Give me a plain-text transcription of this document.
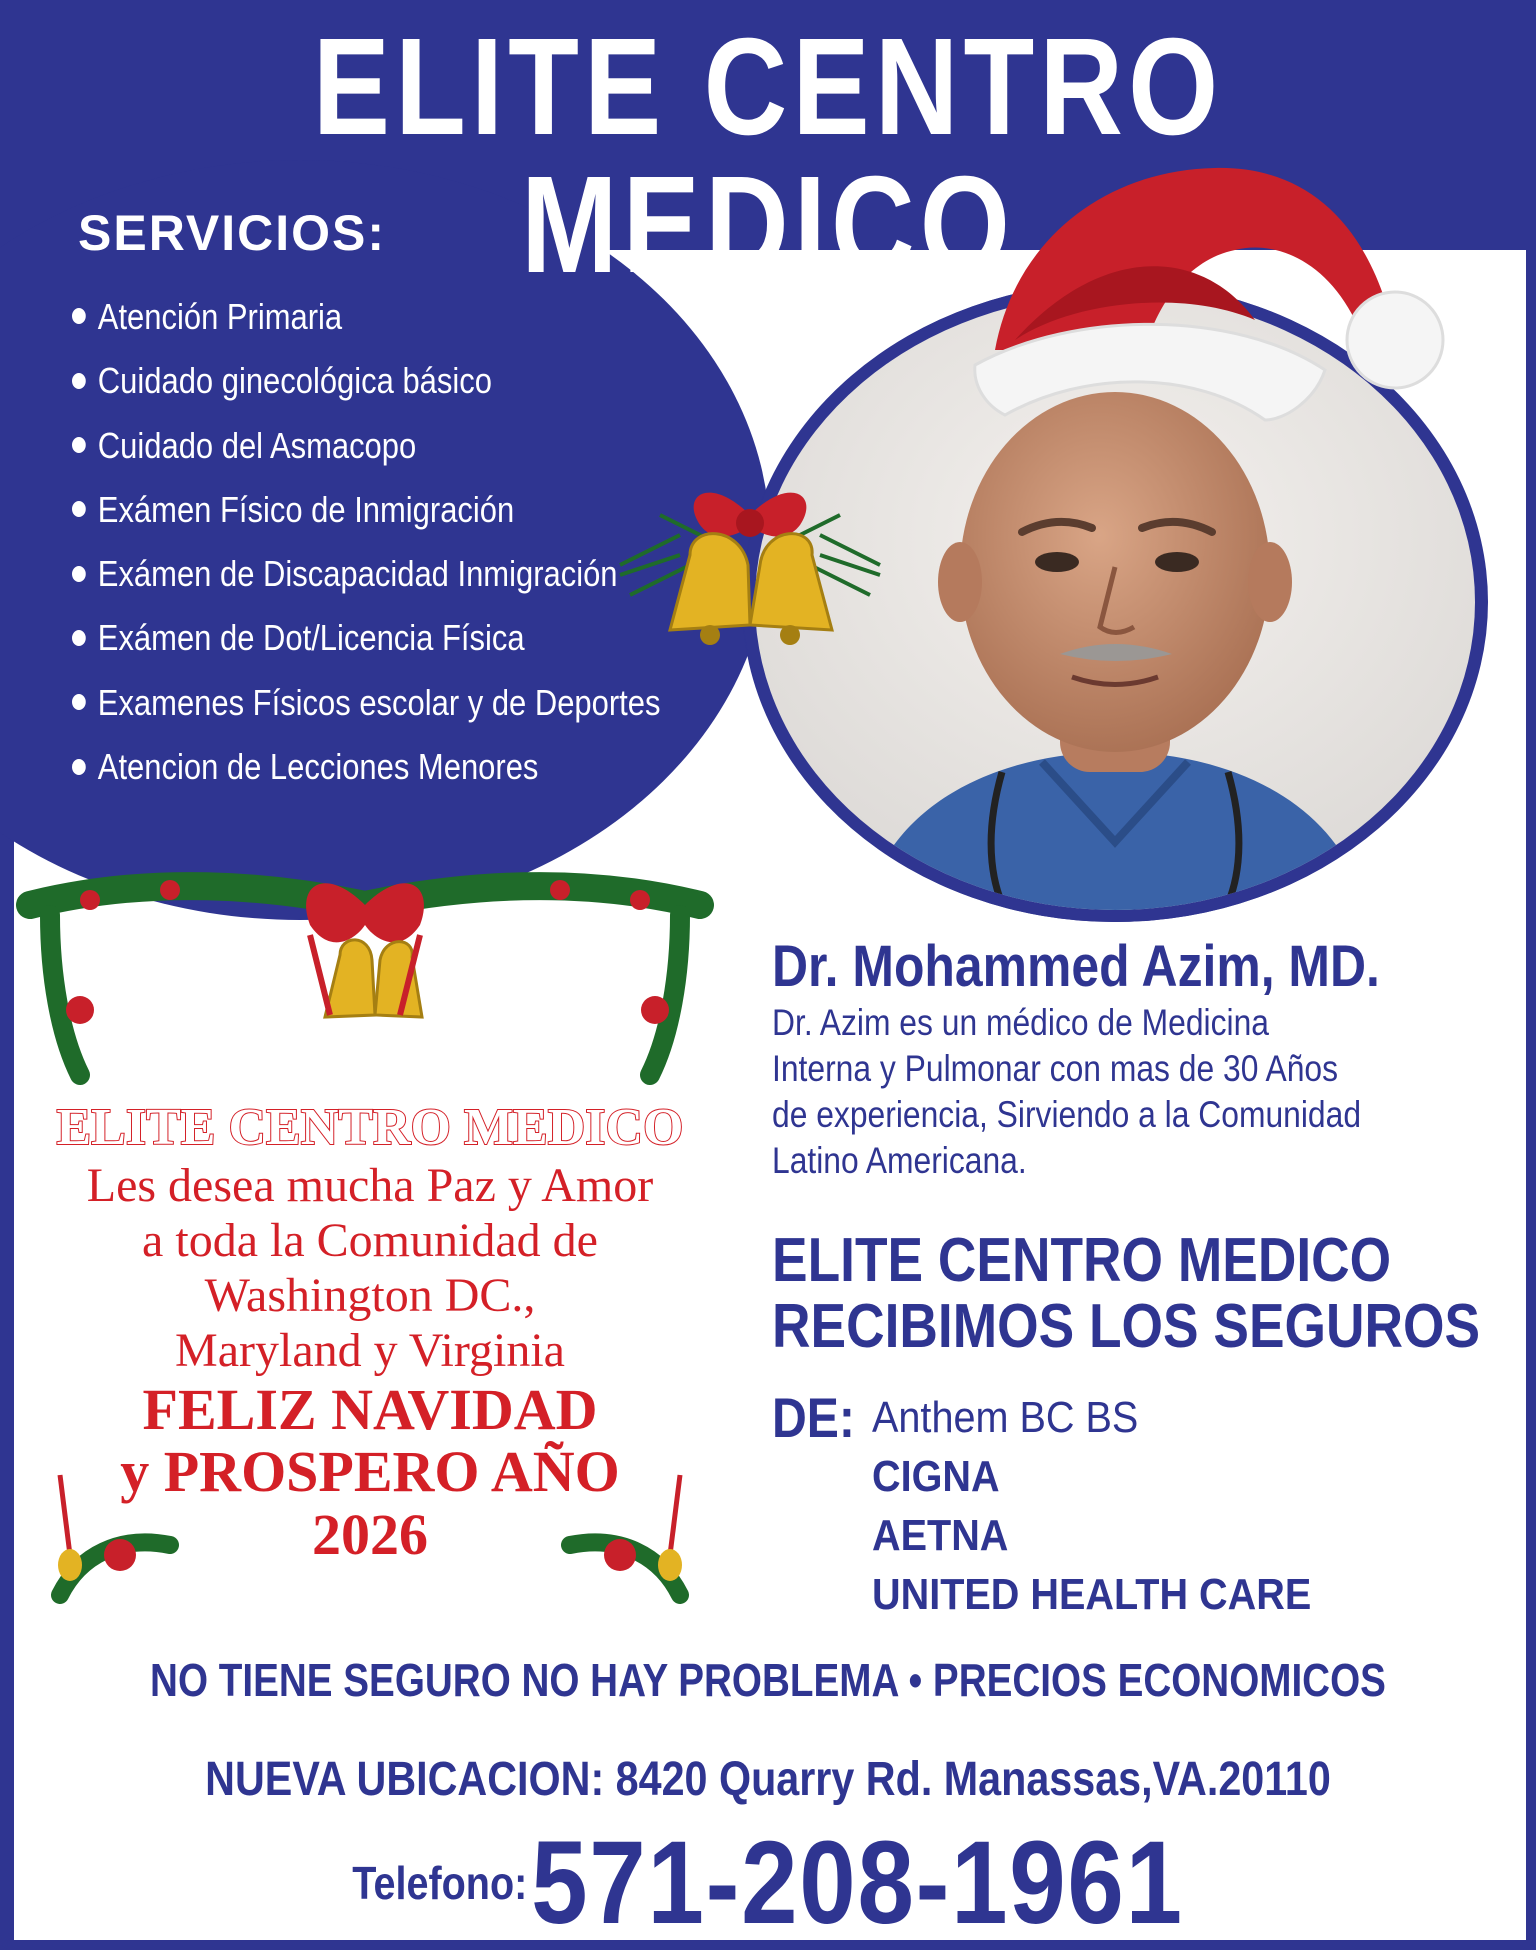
ELITE CENTRO MEDICO
SERVICIOS:
Atención Primaria
Cuidado ginecológica básico
Cuidado del Asmacopo
Exámen Físico de Inmigración
Exámen de Discapacidad Inmigración
Exámen de Dot/Licencia Física
Examenes Físicos escolar y de Deportes
Atencion de Lecciones Menores
ELITE CENTRO MEDICO
Les desea mucha Paz y Amor
a toda la Comunidad de
Washington DC.,
Maryland y Virginia
FELIZ NAVIDAD
y PROSPERO AÑO
2026
Dr. Mohammed Azim, MD.
Dr. Azim es un médico de Medicina
Interna y Pulmonar con mas de 30 Años
de experiencia, Sirviendo a la Comunidad
Latino Americana.
ELITE CENTRO MEDICO
RECIBIMOS LOS SEGUROS
DE: Anthem BC BS
CIGNA
AETNA
UNITED HEALTH CARE
NO TIENE SEGURO NO HAY PROBLEMA • PRECIOS ECONOMICOS
NUEVA UBICACION: 8420 Quarry Rd. Manassas,VA.20110
Telefono: 571-208-1961
